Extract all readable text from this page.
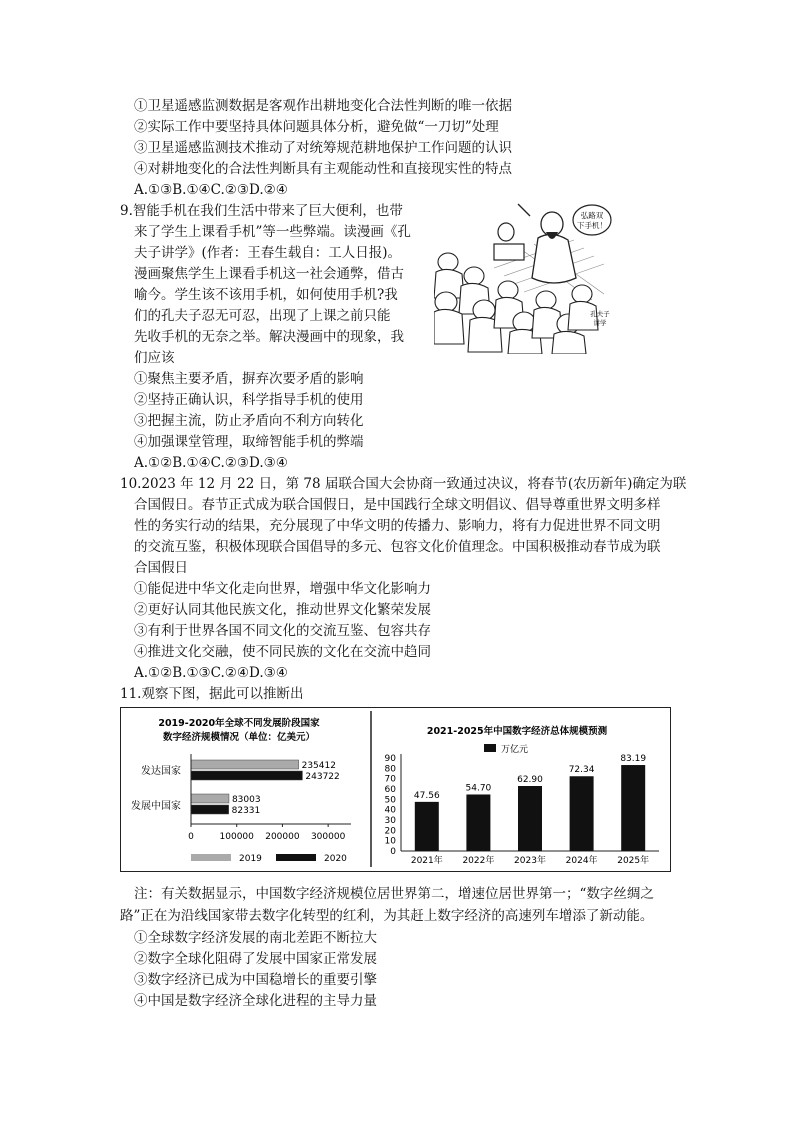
①卫星遥感监测数据是客观作出耕地变化合法性判断的唯一依据
②实际工作中要坚持具体问题具体分析，避免做“一刀切”处理
③卫星遥感监测技术推动了对统筹规范耕地保护工作问题的认识
④对耕地变化的合法性判断具有主观能动性和直接现实性的特点
A.①③B.①④C.②③D.②④
9.智能手机在我们生活中带来了巨大便利，也带
来了学生上课看手机”等一些弊端。读漫画《孔
夫子讲学》(作者：王春生载自：工人日报)。
漫画聚焦学生上课看手机这一社会通弊，借古
喻今。学生该不该用手机，如何使用手机?我
们的孔夫子忍无可忍，出现了上课之前只能
先收手机的无奈之举。解决漫画中的现象，我
们应该
①聚焦主要矛盾，摒弃次要矛盾的影响
②坚持正确认识，科学指导手机的使用
③把握主流，防止矛盾向不利方向转化
④加强课堂管理，取缔智能手机的弊端
A.①②B.①④C.②③D.③④
弘路双
下手机！
孔夫子
讲学
10.2023 年 12 月 22 日，第 78 届联合国大会协商一致通过决议，将春节(农历新年)确定为联
合国假日。春节正式成为联合国假日，是中国践行全球文明倡议、倡导尊重世界文明多样
性的务实行动的结果，充分展现了中华文明的传播力、影响力，将有力促进世界不同文明
的交流互鉴，积极体现联合国倡导的多元、包容文化价值理念。中国积极推动春节成为联
合国假日
①能促进中华文化走向世界，增强中华文化影响力
②更好认同其他民族文化，推动世界文化繁荣发展
③有利于世界各国不同文化的交流互鉴、包容共存
④推进文化交融，使不同民族的文化在交流中趋同
A.①②B.①③C.②④D.③④
11.观察下图，据此可以推断出
2019-2020年全球不同发展阶段国家
数字经济规模情况（单位：亿美元）
发达国家
发展中国家
235412
243722
83003
82331
0	100000 200000 300000
2019	2020
2021-2025年中国数字经济总体规模预测
万亿元
0
10
20
30
40
50
60
70
80
90
47.56
2021年
54.70
2022年
62.90
2023年
72.34
2024年
83.19
2025年
注：有关数据显示，中国数字经济规模位居世界第二，增速位居世界第一；“数字丝绸之
路”正在为沿线国家带去数字化转型的红利，为其赶上数字经济的高速列车增添了新动能。
①全球数字经济发展的南北差距不断拉大
②数字全球化阻碍了发展中国家正常发展
③数字经济已成为中国稳增长的重要引擎
④中国是数字经济全球化进程的主导力量
